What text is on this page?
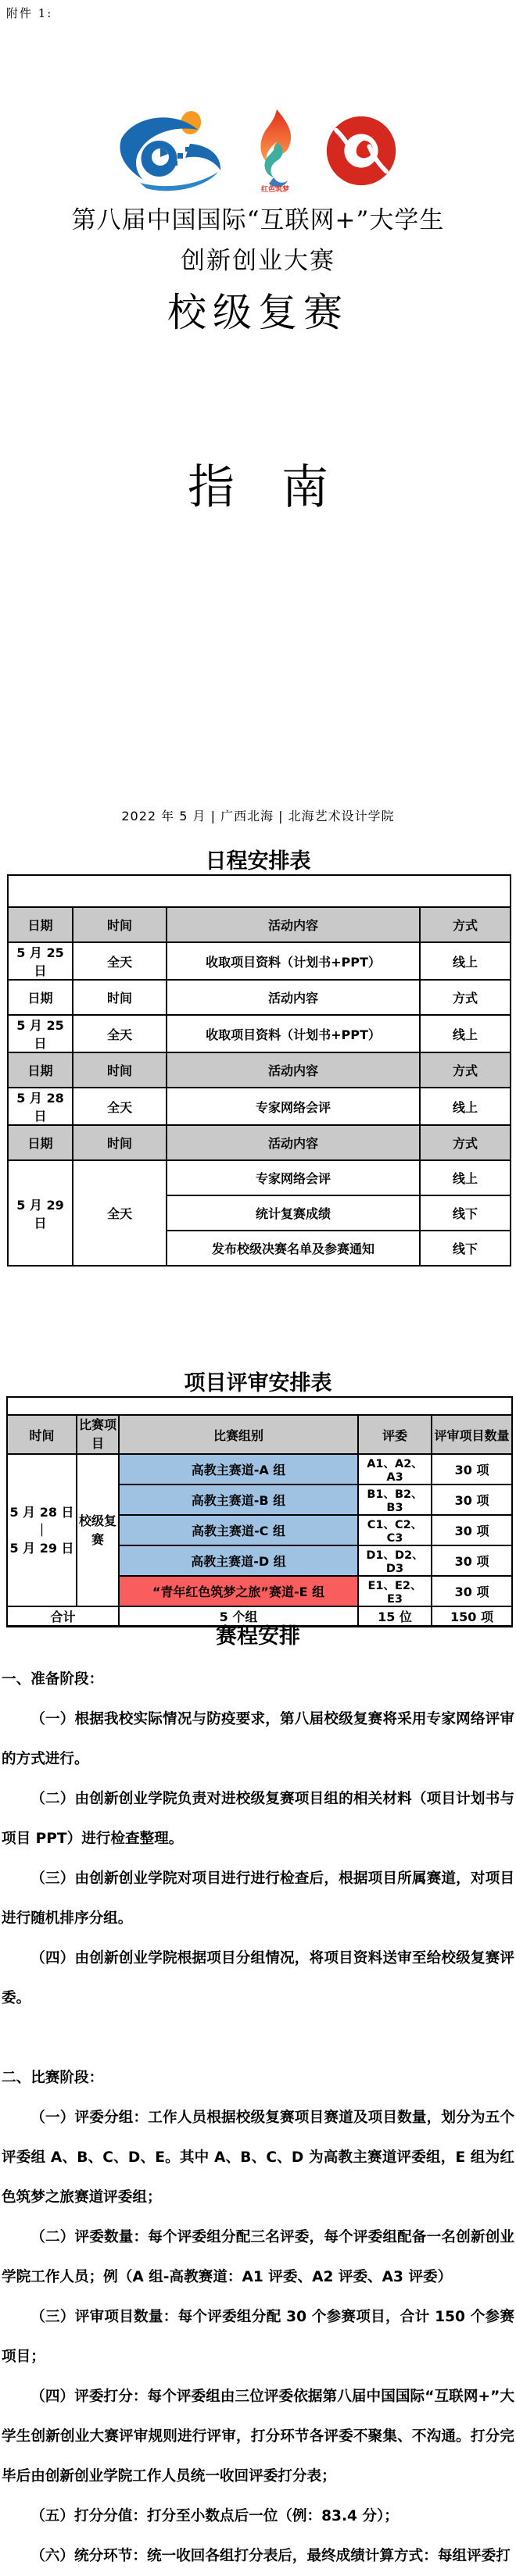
附件 1:
红色筑梦
第八届中国国际“互联网+”大学生
创新创业大赛
校级复赛
指　南
2022 年 5 月 | 广西北海 | 北海艺术设计学院
日程安排表

日期	时间	活动内容	方式
5 月 25 日	全天	收取项目资料（计划书+PPT）	线上
日期	时间	活动内容	方式
5 月 25 日	全天	收取项目资料（计划书+PPT）	线上
日期	时间	活动内容	方式
5 月 28 日	全天	专家网络会评	线上
日期	时间	活动内容	方式
5 月 29 日	全天	专家网络会评	线上
		统计复赛成绩	线下
		发布校级决赛名单及参赛通知	线下
项目评审安排表

时间	比赛项目	比赛组别	评委	评审项目数量

5 月 28 日
｜
5 月 29 日	校级复赛	高教主赛道-A 组	A1、A2、A3	30 项
		高教主赛道-B 组	B1、B2、B3	30 项
		高教主赛道-C 组	C1、C2、C3	30 项
		高教主赛道-D 组	D1、D2、D3	30 项
		“青年红色筑梦之旅”赛道-E 组	E1、E2、E3	30 项
合计		5 个组	15 位	150 项
赛程安排

一、准备阶段：

（一）根据我校实际情况与防疫要求，第八届校级复赛将采用专家网络评审的方式进行。

（二）由创新创业学院负责对进校级复赛项目组的相关材料（项目计划书与项目 PPT）进行检查整理。

（三）由创新创业学院对项目进行进行检查后，根据项目所属赛道，对项目进行随机排序分组。

（四）由创新创业学院根据项目分组情况，将项目资料送审至给校级复赛评委。

二、比赛阶段：

（一）评委分组：工作人员根据校级复赛项目赛道及项目数量，划分为五个评委组 A、B、C、D、E。其中 A、B、C、D 为高教主赛道评委组，E 组为红色筑梦之旅赛道评委组；

（二）评委数量：每个评委组分配三名评委，每个评委组配备一名创新创业学院工作人员；例（A 组-高教赛道：A1 评委、A2 评委、A3 评委）

（三）评审项目数量：每个评委组分配 30 个参赛项目，合计 150 个参赛项目；

（四）评委打分：每个评委组由三位评委依据第八届中国国际“互联网+”大学生创新创业大赛评审规则进行评审，打分环节各评委不聚集、不沟通。打分完毕后由创新创业学院工作人员统一收回评委打分表；

（五）打分分值：打分至小数点后一位（例：83.4 分）；

（六）统分环节：统一收回各组打分表后，最终成绩计算方式：每组评委打
